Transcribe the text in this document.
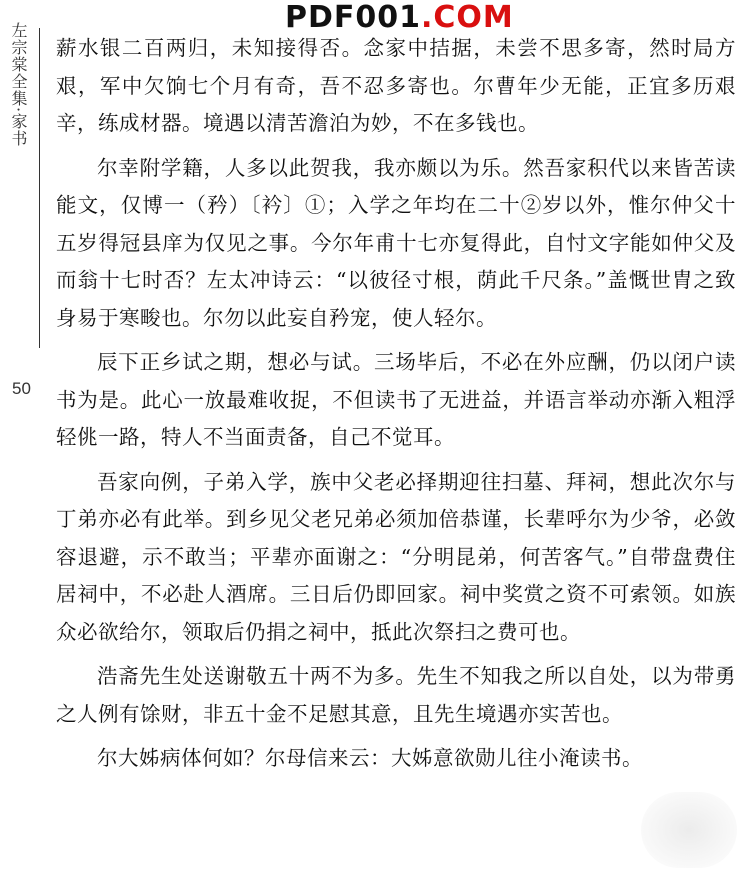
PDF001.COM
左宗棠全集·家书
50

薪水银二百两归，未知接得否。念家中拮据，未尝不思多寄，然时局方艰，军中欠饷七个月有奇，吾不忍多寄也。尔曹年少无能，正宜多历艰辛，练成材器。境遇以清苦澹泊为妙，不在多钱也。

尔幸附学籍，人多以此贺我，我亦颇以为乐。然吾家积代以来皆苦读能文，仅博一（矜）〔衿〕①；入学之年均在二十②岁以外，惟尔仲父十五岁得冠县庠为仅见之事。今尔年甫十七亦复得此，自忖文字能如仲父及而翁十七时否？左太冲诗云：“以彼径寸根，荫此千尺条。”盖慨世胄之致身易于寒畯也。尔勿以此妄自矜宠，使人轻尔。

辰下正乡试之期，想必与试。三场毕后，不必在外应酬，仍以闭户读书为是。此心一放最难收捉，不但读书了无进益，并语言举动亦渐入粗浮轻佻一路，特人不当面责备，自己不觉耳。

吾家向例，子弟入学，族中父老必择期迎往扫墓、拜祠，想此次尔与丁弟亦必有此举。到乡见父老兄弟必须加倍恭谨，长辈呼尔为少爷，必敛容退避，示不敢当；平辈亦面谢之：“分明昆弟，何苦客气。”自带盘费住居祠中，不必赴人酒席。三日后仍即回家。祠中奖赏之资不可索领。如族众必欲给尔，领取后仍捐之祠中，抵此次祭扫之费可也。

浩斋先生处送谢敬五十两不为多。先生不知我之所以自处，以为带勇之人例有馀财，非五十金不足慰其意，且先生境遇亦实苦也。

尔大姊病体何如？尔母信来云：大姊意欲勋儿往小淹读书。
